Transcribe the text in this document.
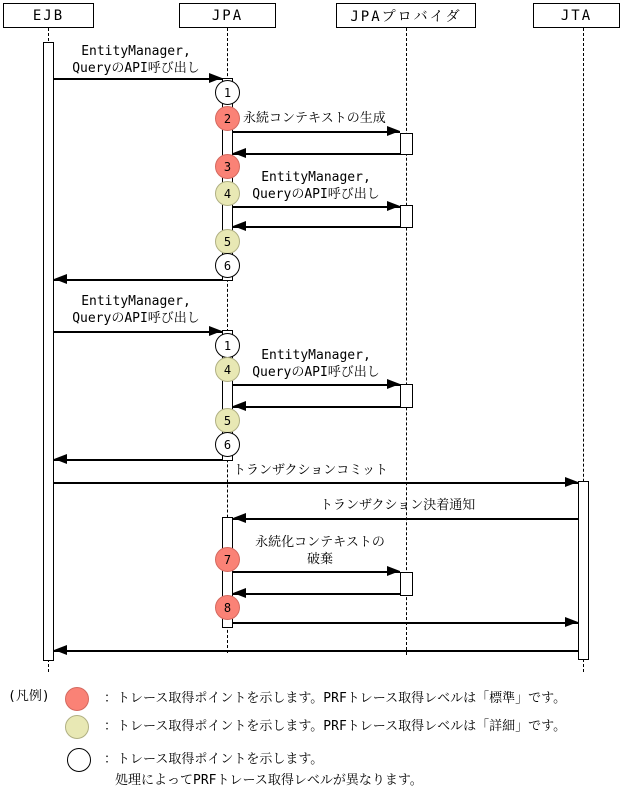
EJB	JPA	JPAプロバイダ	JTA
1
2
3
4
5
6
1
4
5
6
7
8
EntityManager,
QueryのAPI呼び出し
永続コンテキストの生成
EntityManager,
QueryのAPI呼び出し
EntityManager,
QueryのAPI呼び出し
EntityManager,
QueryのAPI呼び出し
トランザクションコミット
トランザクション決着通知
永続化コンテキストの
破棄
(凡例)	：トレース取得ポイントを示します。PRFトレース取得レベルは「標準」です。
：トレース取得ポイントを示します。PRFトレース取得レベルは「詳細」です。
：トレース取得ポイントを示します。
処理によってPRFトレース取得レベルが異なります。
